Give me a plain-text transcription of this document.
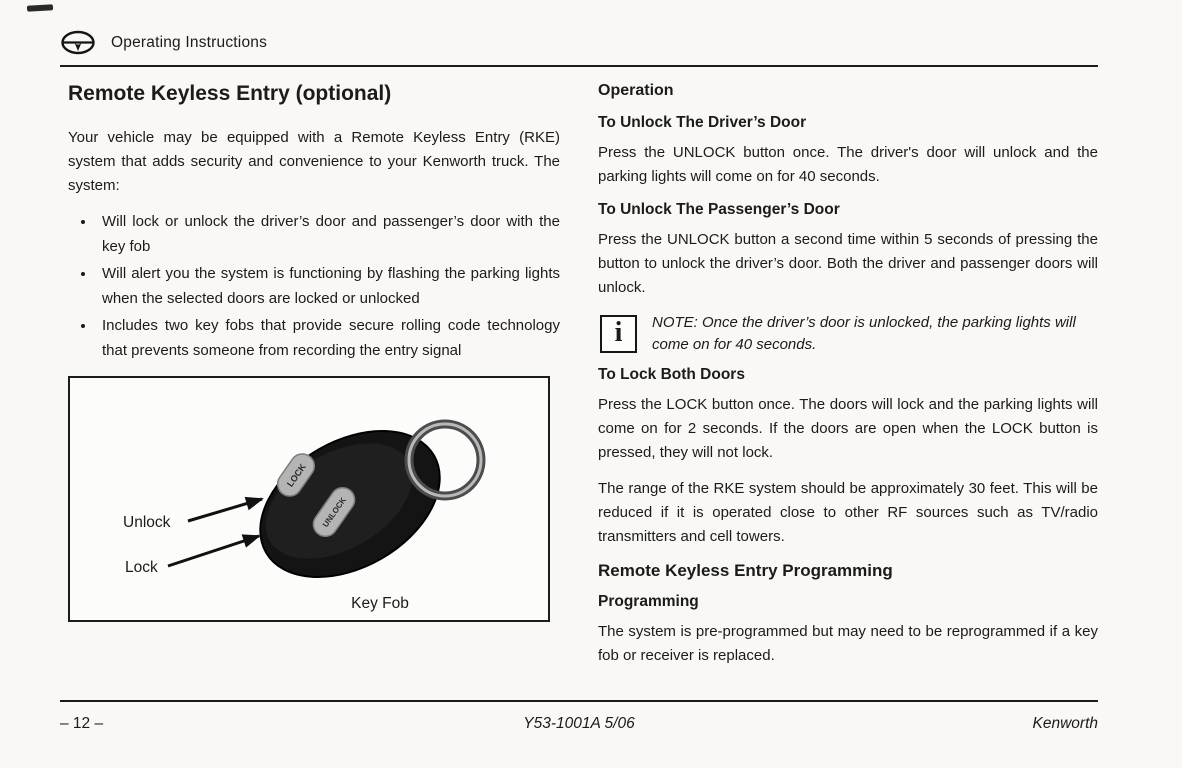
Operating Instructions
Remote Keyless Entry (optional)

Your vehicle may be equipped with a Remote Keyless Entry (RKE) system that adds security and convenience to your Kenworth truck. The system:

• Will lock or unlock the driver’s door and passenger’s door with the key fob
• Will alert you the system is functioning by flashing the parking lights when the selected doors are locked or unlocked
• Includes two key fobs that provide secure rolling code technology that prevents someone from recording the entry signal
LOCK
UNLOCK
Unlock
Lock
Key Fob
Operation
To Unlock The Driver’s Door

Press the UNLOCK button once. The driver's door will unlock and the parking lights will come on for 40 seconds.

To Unlock The Passenger’s Door

Press the UNLOCK button a second time within 5 seconds of pressing the button to unlock the driver’s door. Both the driver and passenger doors will unlock.

i	NOTE: Once the driver’s door is unlocked, the parking lights will come on for 40 seconds.
To Lock Both Doors

Press the LOCK button once. The doors will lock and the parking lights will come on for 2 seconds. If the doors are open when the LOCK button is pressed, they will not lock.

The range of the RKE system should be approximately 30 feet. This will be reduced if it is operated close to other RF sources such as TV/radio transmitters and cell towers.

Remote Keyless Entry Programming
Programming

The system is pre-programmed but may need to be reprogrammed if a key fob or receiver is replaced.

– 12 –	Y53-1001A 5/06	Kenworth
